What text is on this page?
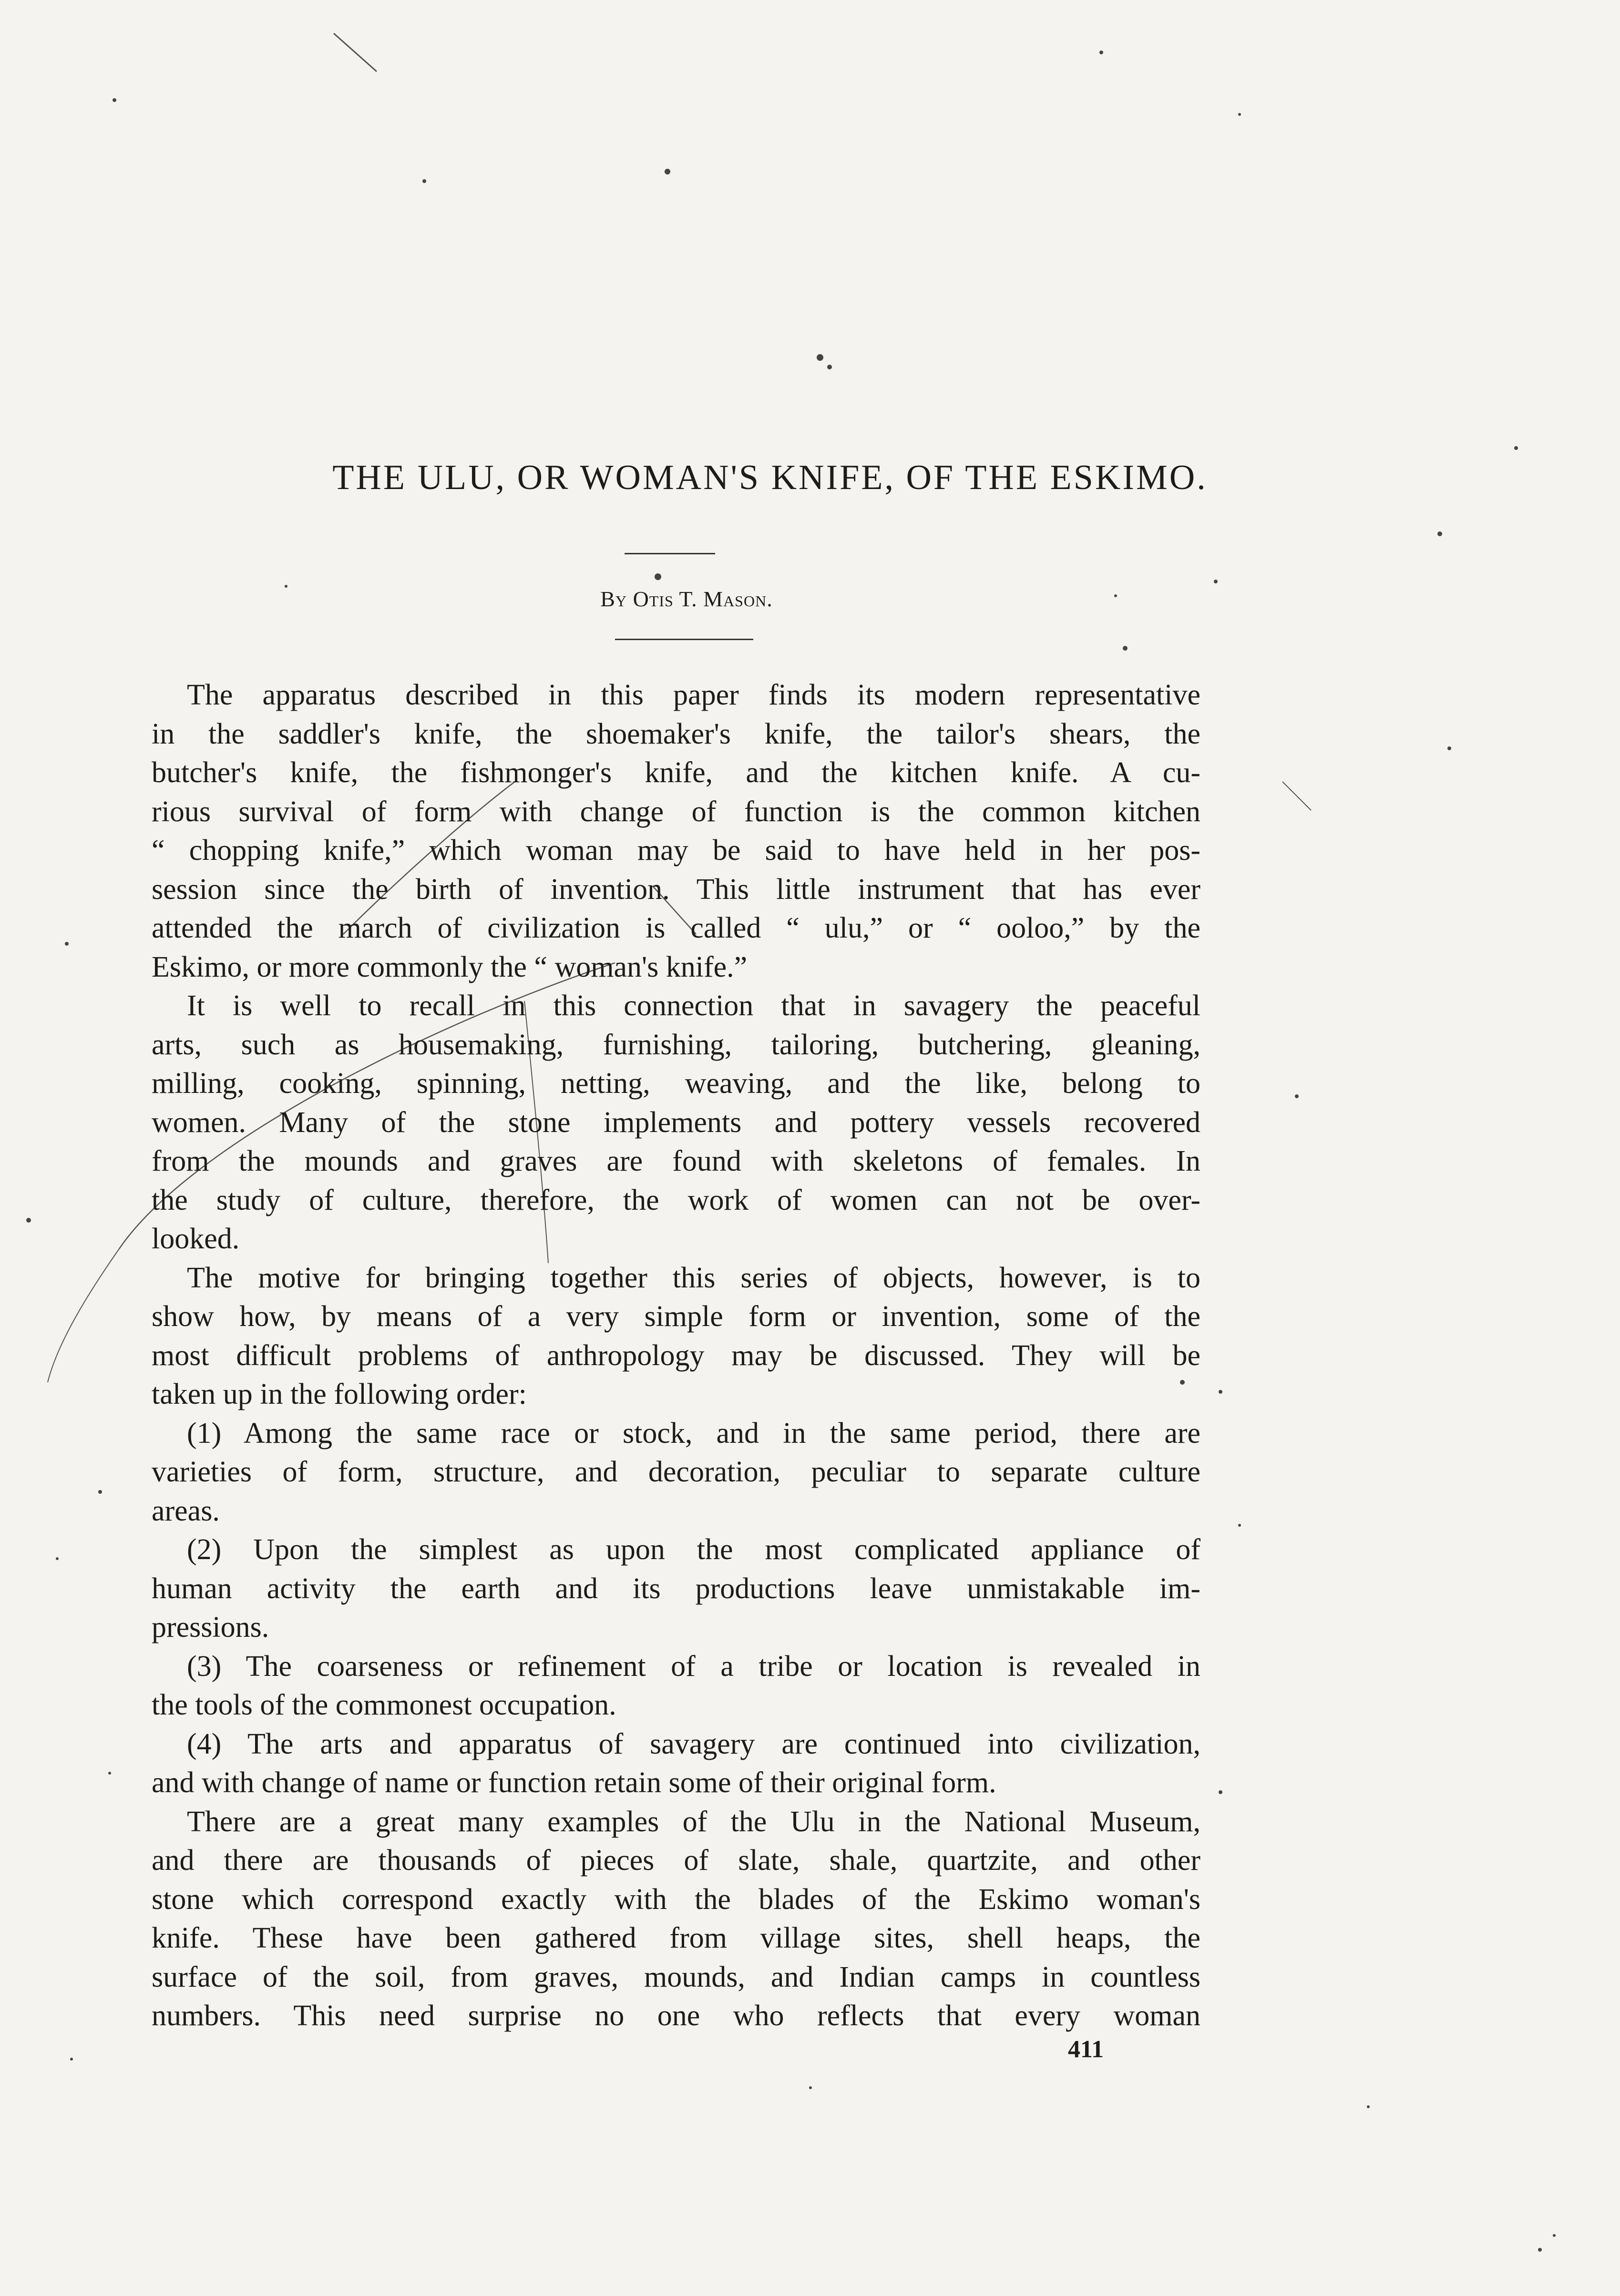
THE ULU, OR WOMAN'S KNIFE, OF THE ESKIMO.
By Otis T. Mason.
The apparatus described in this paper finds its modern representative
in the saddler's knife, the shoemaker's knife, the tailor's shears, the
butcher's knife, the fishmonger's knife, and the kitchen knife. A cu-
rious survival of form with change of function is the common kitchen
“ chopping knife,” which woman may be said to have held in her pos-
session since the birth of invention. This little instrument that has ever
attended the march of civilization is called “ ulu,” or “ ooloo,” by the
Eskimo, or more commonly the “ woman's knife.”
It is well to recall in this connection that in savagery the peaceful
arts, such as housemaking, furnishing, tailoring, butchering, gleaning,
milling, cooking, spinning, netting, weaving, and the like, belong to
women. Many of the stone implements and pottery vessels recovered
from the mounds and graves are found with skeletons of females. In
the study of culture, therefore, the work of women can not be over-
looked.
The motive for bringing together this series of objects, however, is to
show how, by means of a very simple form or invention, some of the
most difficult problems of anthropology may be discussed. They will be
taken up in the following order:
(1) Among the same race or stock, and in the same period, there are
varieties of form, structure, and decoration, peculiar to separate culture
areas.
(2) Upon the simplest as upon the most complicated appliance of
human activity the earth and its productions leave unmistakable im-
pressions.
(3) The coarseness or refinement of a tribe or location is revealed in
the tools of the commonest occupation.
(4) The arts and apparatus of savagery are continued into civilization,
and with change of name or function retain some of their original form.
There are a great many examples of the Ulu in the National Museum,
and there are thousands of pieces of slate, shale, quartzite, and other
stone which correspond exactly with the blades of the Eskimo woman's
knife. These have been gathered from village sites, shell heaps, the
surface of the soil, from graves, mounds, and Indian camps in countless
numbers. This need surprise no one who reflects that every woman
411
